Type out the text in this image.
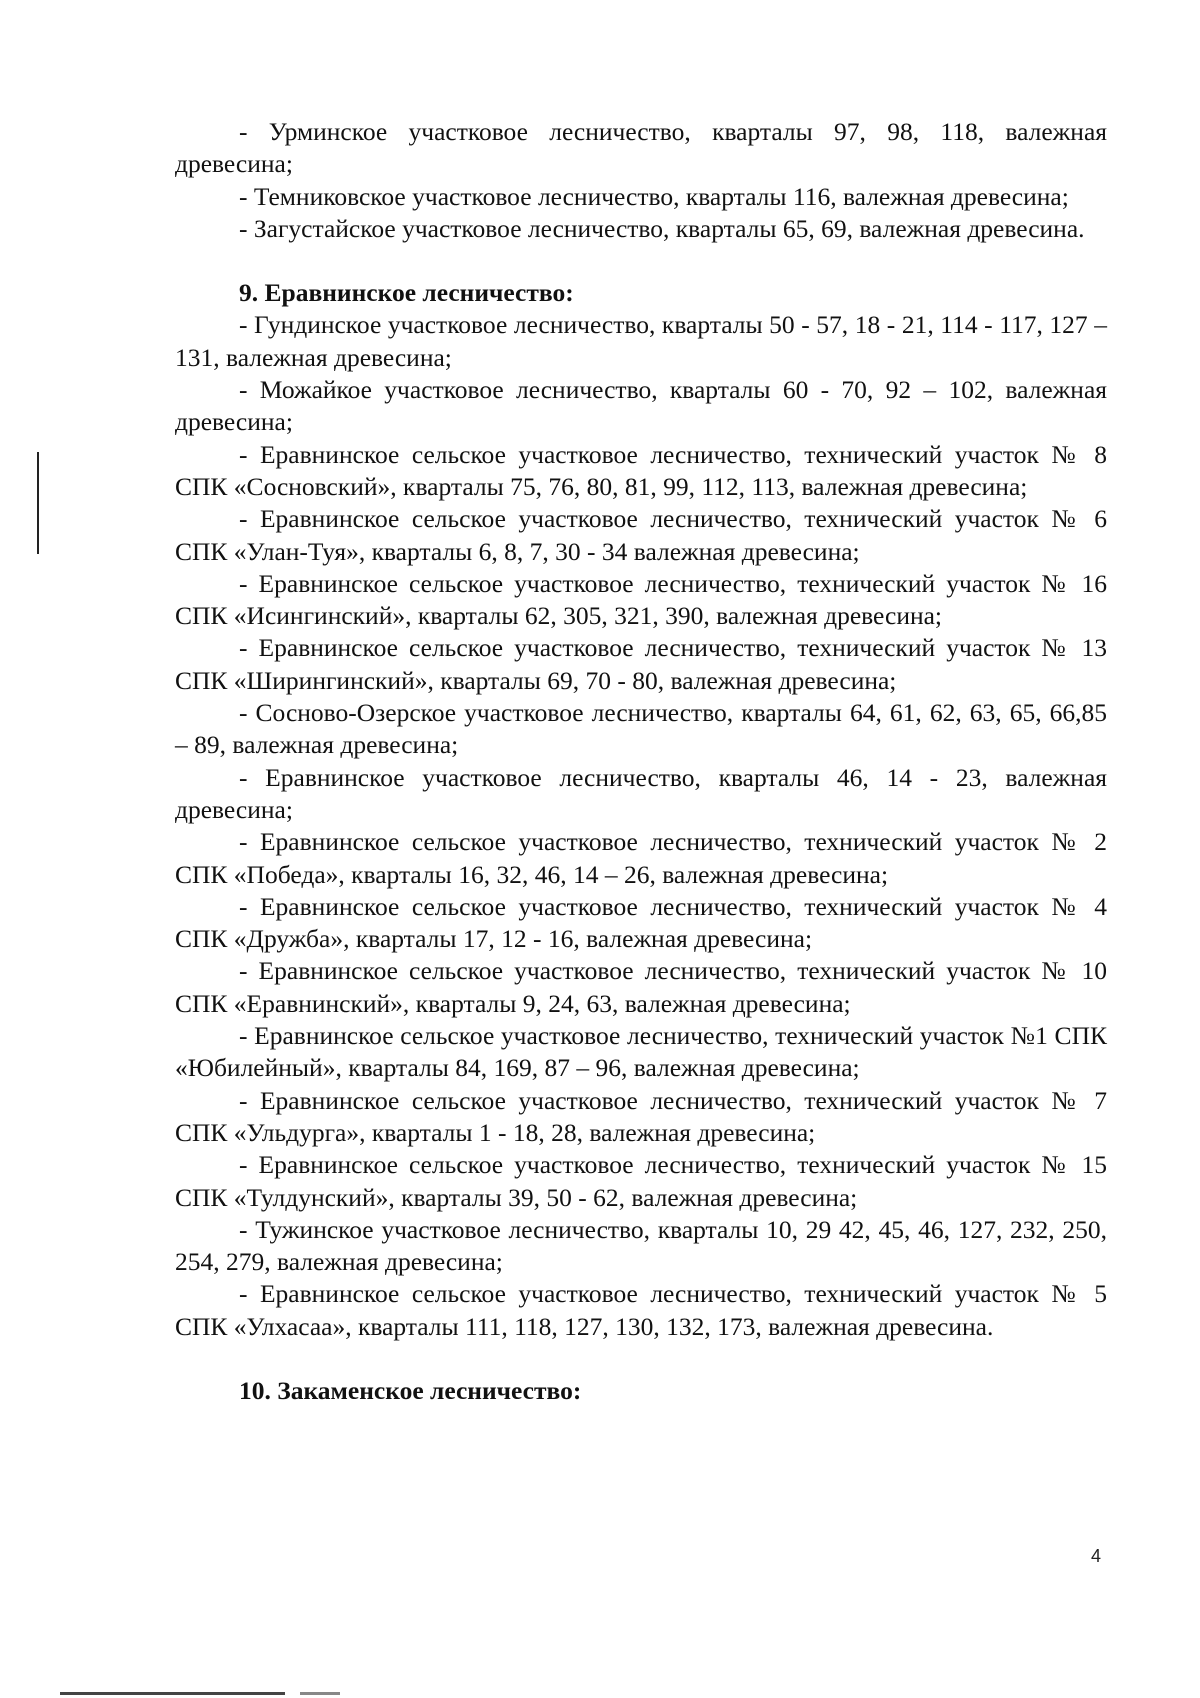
- Урминское участковое лесничество, кварталы 97, 98, 118, валежная древесина;

- Темниковское участковое лесничество, кварталы 116, валежная древесина;

- Загустайское участковое лесничество, кварталы 65, 69, валежная древесина.

9. Еравнинское лесничество:

- Гундинское участковое лесничество, кварталы 50 - 57, 18 - 21, 114 - 117, 127 – 131, валежная древесина;

- Можайкое участковое лесничество, кварталы 60 - 70, 92 – 102, валежная древесина;

- Еравнинское сельское участковое лесничество, технический участок № 8 СПК «Сосновский», кварталы 75, 76, 80, 81, 99, 112, 113, валежная древесина;

- Еравнинское сельское участковое лесничество, технический участок № 6 СПК «Улан-Туя», кварталы 6, 8, 7, 30 - 34 валежная древесина;

- Еравнинское сельское участковое лесничество, технический участок № 16 СПК «Исингинский», кварталы 62, 305, 321, 390, валежная древесина;

- Еравнинское сельское участковое лесничество, технический участок № 13 СПК «Ширингинский», кварталы 69, 70 - 80, валежная древесина;

- Сосново-Озерское участковое лесничество, кварталы 64, 61, 62, 63, 65, 66,85 – 89, валежная древесина;

- Еравнинское участковое лесничество, кварталы 46, 14 - 23, валежная древесина;

- Еравнинское сельское участковое лесничество, технический участок № 2 СПК «Победа», кварталы 16, 32, 46, 14 – 26, валежная древесина;

- Еравнинское сельское участковое лесничество, технический участок № 4 СПК «Дружба», кварталы 17, 12 - 16, валежная древесина;

- Еравнинское сельское участковое лесничество, технический участок № 10 СПК «Еравнинский», кварталы 9, 24, 63, валежная древесина;

- Еравнинское сельское участковое лесничество, технический участок №1 СПК «Юбилейный», кварталы 84, 169, 87 – 96, валежная древесина;

- Еравнинское сельское участковое лесничество, технический участок № 7 СПК «Ульдурга», кварталы 1 - 18, 28, валежная древесина;

- Еравнинское сельское участковое лесничество, технический участок № 15 СПК «Тулдунский», кварталы 39, 50 - 62, валежная древесина;

- Тужинское участковое лесничество, кварталы 10, 29 42, 45, 46, 127, 232, 250, 254, 279, валежная древесина;

- Еравнинское сельское участковое лесничество, технический участок № 5 СПК «Улхасаа», кварталы 111, 118, 127, 130, 132, 173, валежная древесина.

10. Закаменское лесничество:

4
